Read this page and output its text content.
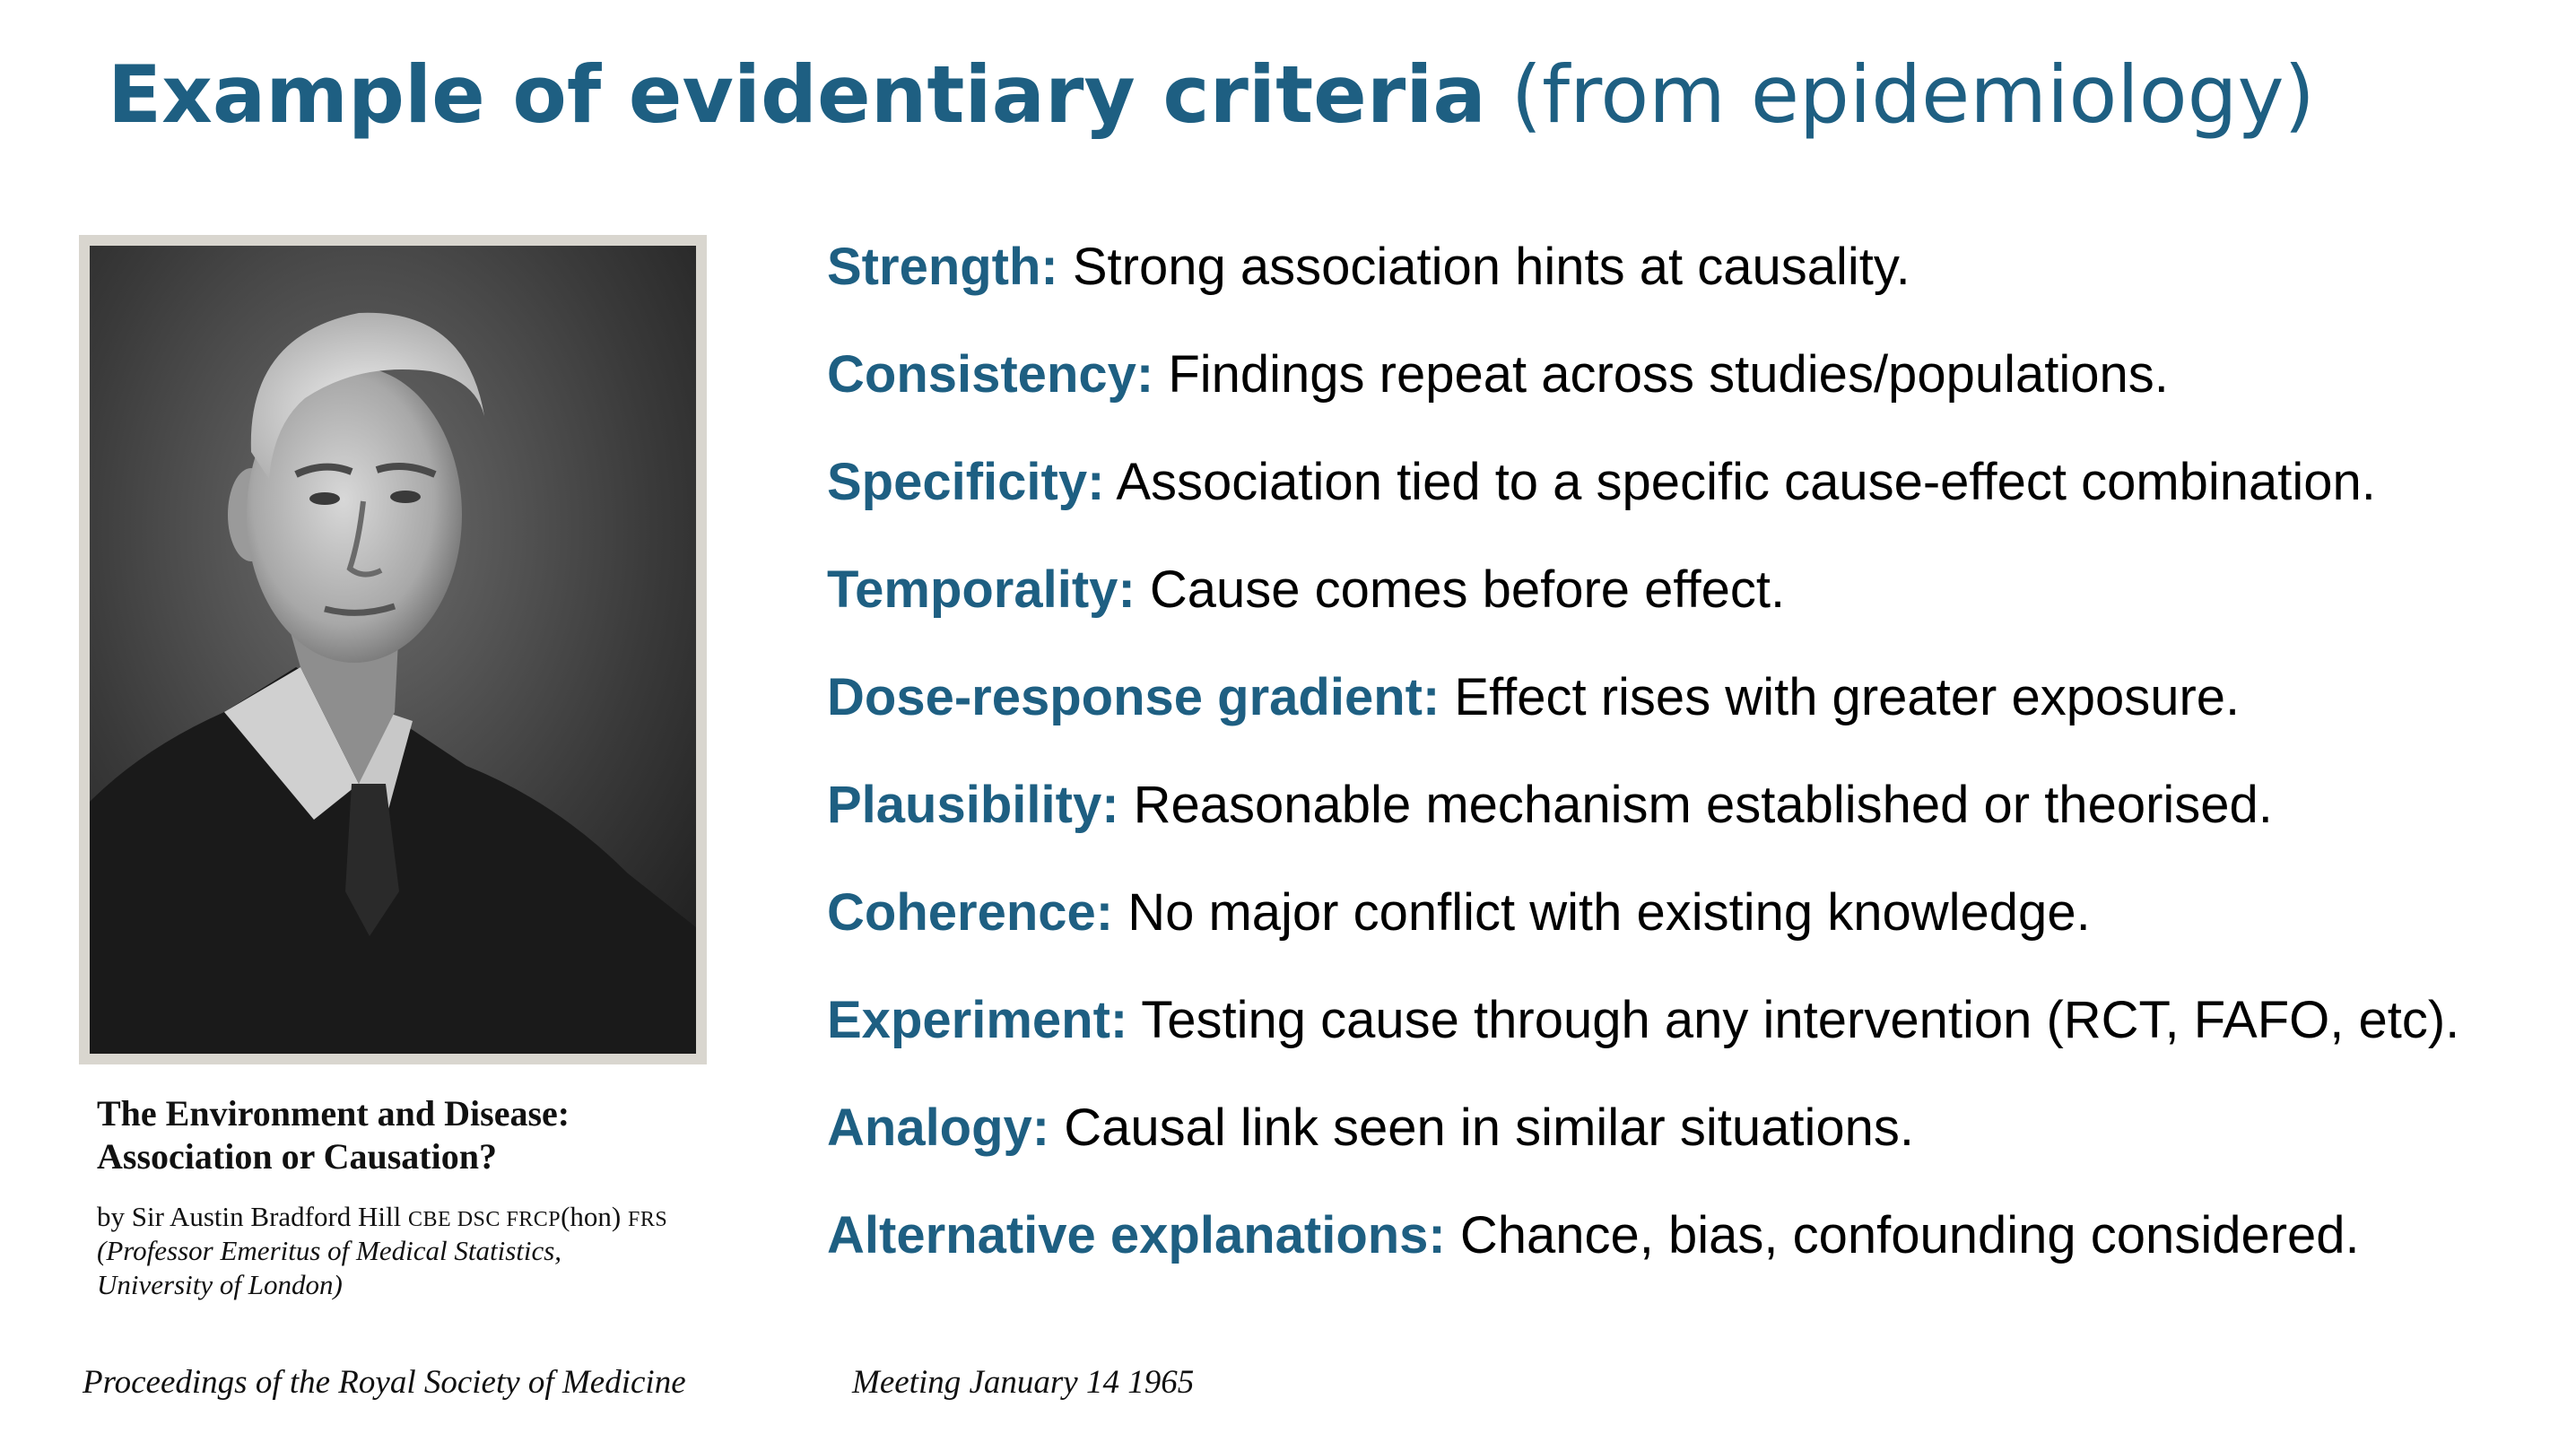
Example of evidentiary criteria (from epidemiology)
The Environment and Disease:
Association or Causation?
by Sir Austin Bradford Hill CBE DSC FRCP(hon) FRS
(Professor Emeritus of Medical Statistics,
University of London)
Proceedings of the Royal Society of Medicine	Meeting January 14 1965
Strength: Strong association hints at causality.
Consistency: Findings repeat across studies/populations.
Specificity: Association tied to a specific cause-effect combination.
Temporality: Cause comes before effect.
Dose-response gradient: Effect rises with greater exposure.
Plausibility: Reasonable mechanism established or theorised.
Coherence: No major conflict with existing knowledge.
Experiment: Testing cause through any intervention (RCT, FAFO, etc).
Analogy: Causal link seen in similar situations.
Alternative explanations: Chance, bias, confounding considered.
